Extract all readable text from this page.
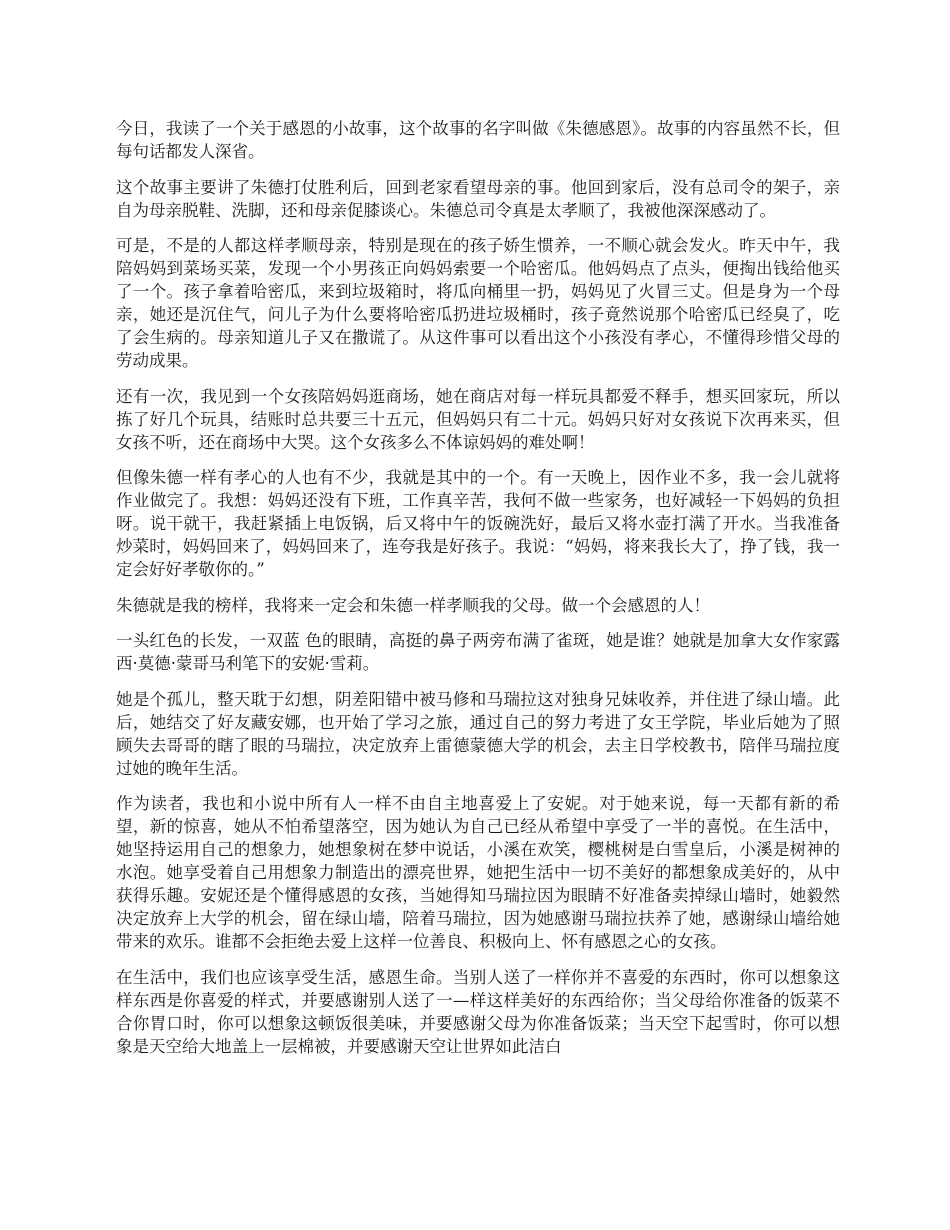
今日，我读了一个关于感恩的小故事，这个故事的名字叫做《朱德感恩》。故事的内容虽然不长，但每句话都发人深省。

这个故事主要讲了朱德打仗胜利后，回到老家看望母亲的事。他回到家后，没有总司令的架子，亲自为母亲脱鞋、洗脚，还和母亲促膝谈心。朱德总司令真是太孝顺了，我被他深深感动了。

可是，不是的人都这样孝顺母亲，特别是现在的孩子娇生惯养，一不顺心就会发火。昨天中午，我陪妈妈到菜场买菜，发现一个小男孩正向妈妈索要一个哈密瓜。他妈妈点了点头，便掏出钱给他买了一个。孩子拿着哈密瓜，来到垃圾箱时，将瓜向桶里一扔，妈妈见了火冒三丈。但是身为一个母亲，她还是沉住气，问儿子为什么要将哈密瓜扔进垃圾桶时，孩子竟然说那个哈密瓜已经臭了，吃了会生病的。母亲知道儿子又在撒谎了。从这件事可以看出这个小孩没有孝心，不懂得珍惜父母的劳动成果。

还有一次，我见到一个女孩陪妈妈逛商场，她在商店对每一样玩具都爱不释手，想买回家玩，所以拣了好几个玩具，结账时总共要三十五元，但妈妈只有二十元。妈妈只好对女孩说下次再来买，但女孩不听，还在商场中大哭。这个女孩多么不体谅妈妈的难处啊！

但像朱德一样有孝心的人也有不少，我就是其中的一个。有一天晚上，因作业不多，我一会儿就将作业做完了。我想：妈妈还没有下班，工作真辛苦，我何不做一些家务，也好减轻一下妈妈的负担呀。说干就干，我赶紧插上电饭锅，后又将中午的饭碗洗好，最后又将水壶打满了开水。当我准备炒菜时，妈妈回来了，妈妈回来了，连夸我是好孩子。我说：“妈妈，将来我长大了，挣了钱，我一定会好好孝敬你的。”

朱德就是我的榜样，我将来一定会和朱德一样孝顺我的父母。做一个会感恩的人！

一头红色的长发，一双蓝 色的眼睛，高挺的鼻子两旁布满了雀斑，她是谁？她就是加拿大女作家露西·莫德·蒙哥马利笔下的安妮·雪莉。

她是个孤儿，整天耽于幻想，阴差阳错中被马修和马瑞拉这对独身兄妹收养，并住进了绿山墙。此后，她结交了好友藏安娜，也开始了学习之旅，通过自己的努力考进了女王学院，毕业后她为了照顾失去哥哥的瞎了眼的马瑞拉，决定放弃上雷德蒙德大学的机会，去主日学校教书，陪伴马瑞拉度过她的晚年生活。

作为读者，我也和小说中所有人一样不由自主地喜爱上了安妮。对于她来说，每一天都有新的希望，新的惊喜，她从不怕希望落空，因为她认为自己已经从希望中享受了一半的喜悦。在生活中，她坚持运用自己的想象力，她想象树在梦中说话，小溪在欢笑，樱桃树是白雪皇后，小溪是树神的水泡。她享受着自己用想象力制造出的漂亮世界，她把生活中一切不美好的都想象成美好的，从中获得乐趣。安妮还是个懂得感恩的女孩，当她得知马瑞拉因为眼睛不好准备卖掉绿山墙时，她毅然决定放弃上大学的机会，留在绿山墙，陪着马瑞拉，因为她感谢马瑞拉扶养了她，感谢绿山墙给她带来的欢乐。谁都不会拒绝去爱上这样一位善良、积极向上、怀有感恩之心的女孩。

在生活中，我们也应该享受生活，感恩生命。当别人送了一样你并不喜爱的东西时，你可以想象这样东西是你喜爱的样式，并要感谢别人送了一—样这样美好的东西给你；当父母给你准备的饭菜不合你胃口时，你可以想象这顿饭很美味，并要感谢父母为你准备饭菜；当天空下起雪时，你可以想象是天空给大地盖上一层棉被，并要感谢天空让世界如此洁白
